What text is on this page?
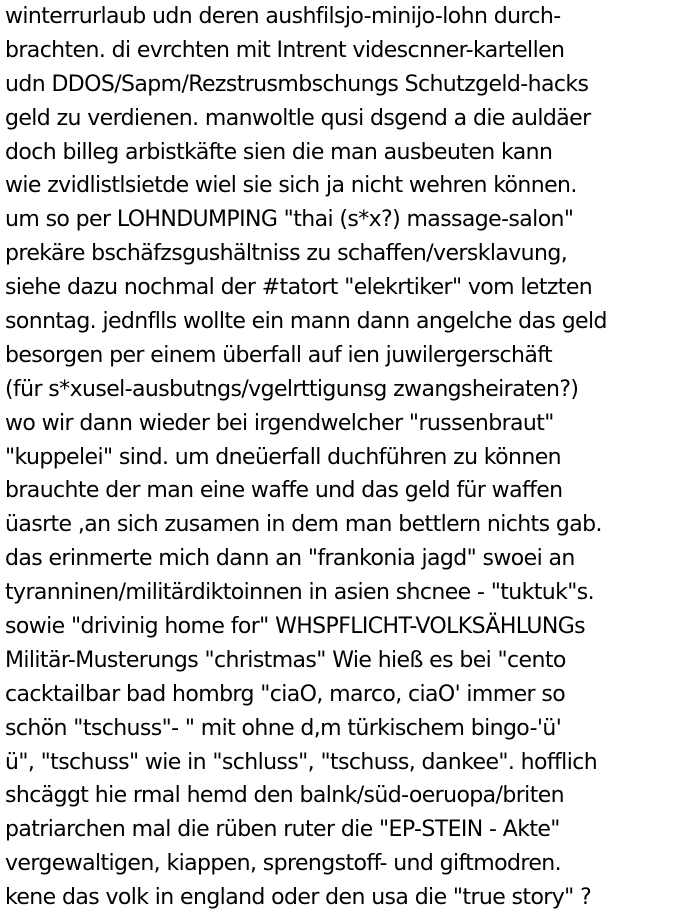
winterrurlaub udn deren aushfilsjo-minijo-lohn durch-
brachten. di evrchten mit Intrent videscnner-kartellen
udn DDOS/Sapm/Rezstrusmbschungs Schutzgeld-hacks
geld zu verdienen. manwoltle qusi dsgend a die auldäer
doch billeg arbistkäfte sien die man ausbeuten kann
wie zvidlistlsietde wiel sie sich ja nicht wehren können.
um so per LOHNDUMPING "thai (s*x?) massage-salon"
prekäre bschäfzsgushältniss zu schaffen/versklavung,
siehe dazu nochmal der #tatort "elekrtiker" vom letzten
sonntag. jednflls wollte ein mann dann angelche das geld
besorgen per einem überfall auf ien juwilergerschäft
(für s*xusel-ausbutngs/vgelrttigunsg zwangsheiraten?)
wo wir dann wieder bei irgendwelcher "russenbraut"
"kuppelei" sind. um dneüerfall duchführen zu können
brauchte der man eine waffe und das geld für waffen
üasrte ,an sich zusamen in dem man bettlern nichts gab.
das erinmerte mich dann an "frankonia jagd" swoei an
tyranninen/militärdiktoinnen in asien shcnee - "tuktuk"s.
sowie "drivinig home for" WHSPFLICHT-VOLKSÄHLUNGs
Militär-Musterungs "christmas" Wie hieß es bei "cento
cacktailbar bad hombrg "ciaO, marco, ciaO' immer so
schön "tschuss"- " mit ohne d,m türkischem bingo-'ü'
ü", "tschuss" wie in "schluss", "tschuss, dankee". hofflich
shcäggt hie rmal hemd den balnk/süd-oeruopa/briten
patriarchen mal die rüben ruter die "EP-STEIN - Akte"
vergewaltigen, kiappen, sprengstoff- und giftmodren.
kene das volk in england oder den usa die "true story" ?
